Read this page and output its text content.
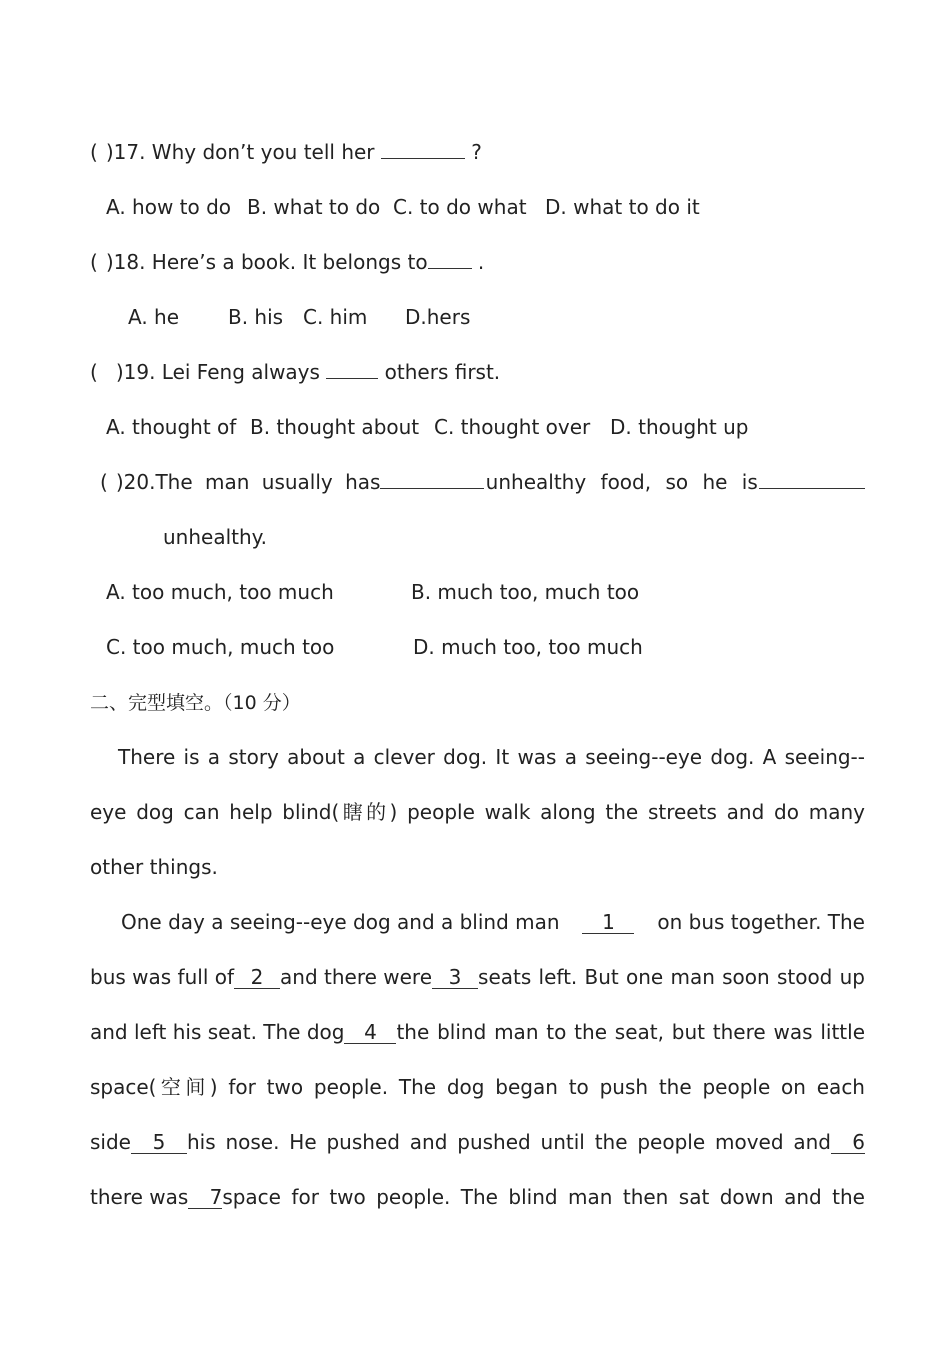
( )17. Why don’t you tell her	?
A. how to do B. what to do C. to do what D. what to do it
( )18. Here’s a book. It belongs to	.
A. he B. his C. him D.hers
( )19. Lei Feng always	others first.
A. thought of B. thought about C. thought over D. thought up
( )20.The man usually has	unhealthy food, so he is
unhealthy.
A. too much, too much	B. much too, much too
C. too much, much too	D. much too, too much
二、完型填空。（10 分）
There is a story about a clever dog. It was a seeing--eye dog. A seeing--
eye dog can help blind(瞎的) people walk along the streets and do many
other things.
One day a seeing--eye dog and a blind man	1	on bus together. The
bus was full of 2 and there were 3 seats left. But one man soon stood up
and left his seat. The dog 4 the blind man to the seat, but there was little
space(空间) for two people. The dog began to push the people on each
side	5	his nose. He pushed and pushed until the people moved and	6
there was	7 space for two people. The blind man then sat down and the
